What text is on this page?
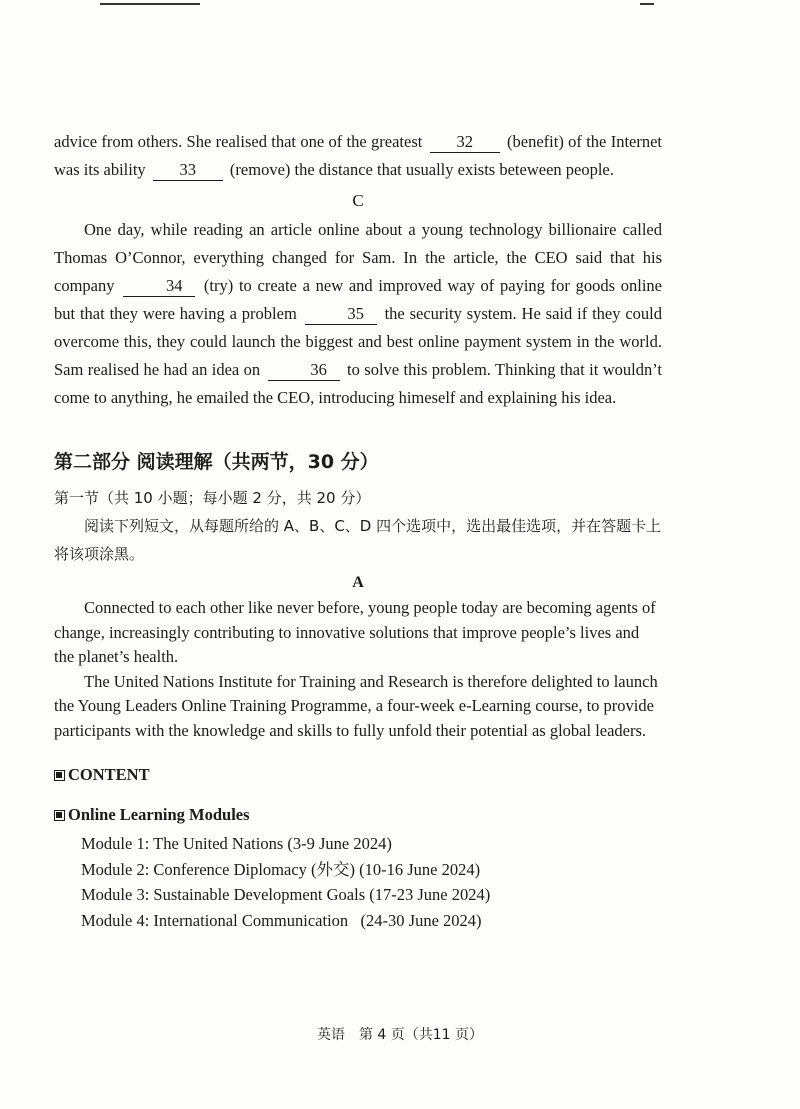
advice from others. She realised that one of the greatest 32 (benefit) of the Internet was its ability 33 (remove) the distance that usually exists beteween people.

C

One day, while reading an article online about a young technology billionaire called Thomas O’Connor, everything changed for Sam. In the article, the CEO said that his company	34 (try) to create a new and improved way of paying for goods online but that they were having a problem	35 the security system. He said if they could overcome this, they could launch the biggest and best online payment system in the world. Sam realised he had an idea on	36 to solve this problem. Thinking that it wouldn’t come to anything, he emailed the CEO, introducing himeself and explaining his idea.

第二部分 阅读理解（共两节，30 分）

第一节（共 10 小题；每小题 2 分，共 20 分）

阅读下列短文，从每题所给的 A、B、C、D 四个选项中，选出最佳选项，并在答题卡上将该项涂黑。

A

Connected to each other like never before, young people today are becoming agents of change, increasingly contributing to innovative solutions that improve people’s lives and the planet’s health.

The United Nations Institute for Training and Research is therefore delighted to launch the Young Leaders Online Training Programme, a four-week e-Learning course, to provide participants with the knowledge and skills to fully unfold their potential as global leaders.

CONTENT
Online Learning Modules
Module 1: The United Nations (3-9 June 2024)
Module 2: Conference Diplomacy (外交) (10-16 June 2024)
Module 3: Sustainable Development Goals (17-23 June 2024)
Module 4: International Communication   (24-30 June 2024)
英语　第 4 页（共11 页）
